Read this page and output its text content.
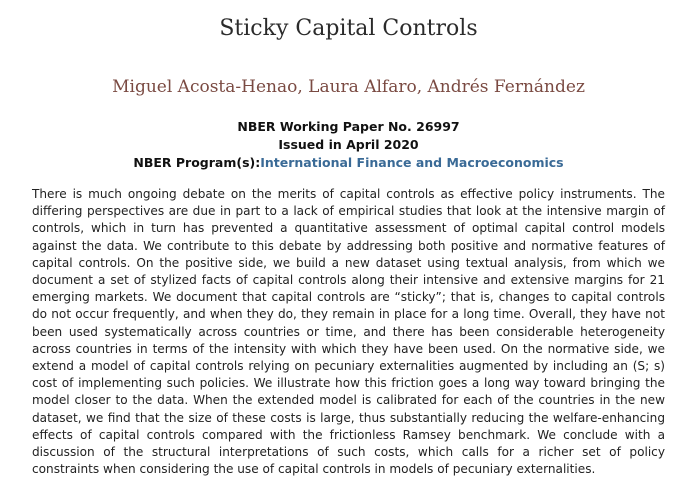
Sticky Capital Controls
Miguel Acosta-Henao, Laura Alfaro, Andrés Fernández
NBER Working Paper No. 26997
Issued in April 2020
NBER Program(s):International Finance and Macroeconomics

There is much ongoing debate on the merits of capital controls as effective policy instruments. The differing perspectives are due in part to a lack of empirical studies that look at the intensive margin of controls, which in turn has prevented a quantitative assessment of optimal capital control models against the data. We contribute to this debate by addressing both positive and normative features of capital controls. On the positive side, we build a new dataset using textual analysis, from which we document a set of stylized facts of capital controls along their intensive and extensive margins for 21 emerging markets. We document that capital controls are “sticky”; that is, changes to capital controls do not occur frequently, and when they do, they remain in place for a long time. Overall, they have not been used systematically across countries or time, and there has been considerable heterogeneity across countries in terms of the intensity with which they have been used. On the normative side, we extend a model of capital controls relying on pecuniary externalities augmented by including an (S; s) cost of implementing such policies. We illustrate how this friction goes a long way toward bringing the model closer to the data. When the extended model is calibrated for each of the countries in the new dataset, we find that the size of these costs is large, thus substantially reducing the welfare-enhancing effects of capital controls compared with the frictionless Ramsey benchmark. We conclude with a discussion of the structural interpretations of such costs, which calls for a richer set of policy constraints when considering the use of capital controls in models of pecuniary externalities.
